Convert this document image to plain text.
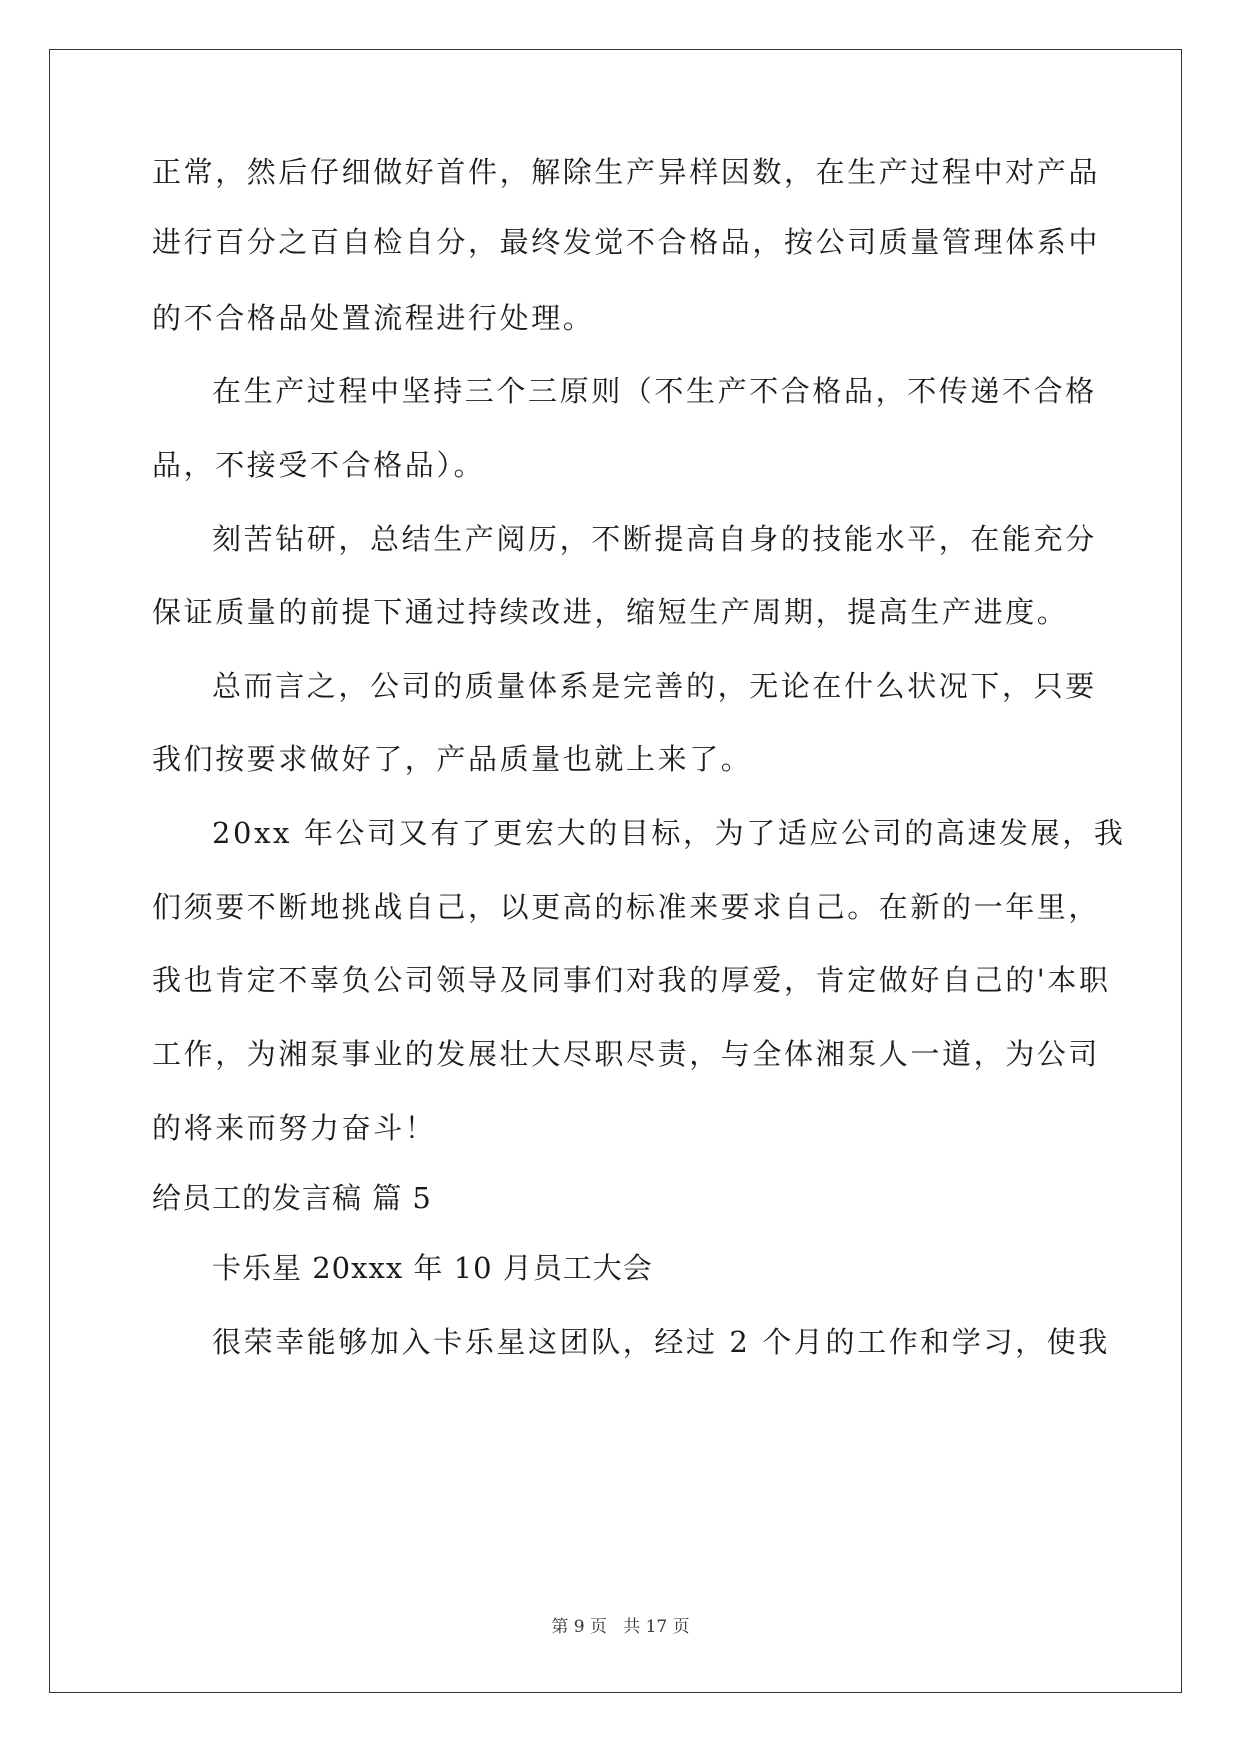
正常，然后仔细做好首件，解除生产异样因数，在生产过程中对产品
进行百分之百自检自分，最终发觉不合格品，按公司质量管理体系中
的不合格品处置流程进行处理。
在生产过程中坚持三个三原则（不生产不合格品，不传递不合格
品，不接受不合格品）。
刻苦钻研，总结生产阅历，不断提高自身的技能水平，在能充分
保证质量的前提下通过持续改进，缩短生产周期，提高生产进度。
总而言之，公司的质量体系是完善的，无论在什么状况下，只要
我们按要求做好了，产品质量也就上来了。
20xx 年公司又有了更宏大的目标，为了适应公司的高速发展，我
们须要不断地挑战自己，以更高的标准来要求自己。在新的一年里，
我也肯定不辜负公司领导及同事们对我的厚爱，肯定做好自己的'本职
工作，为湘泵事业的发展壮大尽职尽责，与全体湘泵人一道，为公司
的将来而努力奋斗！
给员工的发言稿 篇 5
卡乐星 20xxx 年 10 月员工大会
很荣幸能够加入卡乐星这团队，经过 2 个月的工作和学习，使我
第 9 页 共 17 页
